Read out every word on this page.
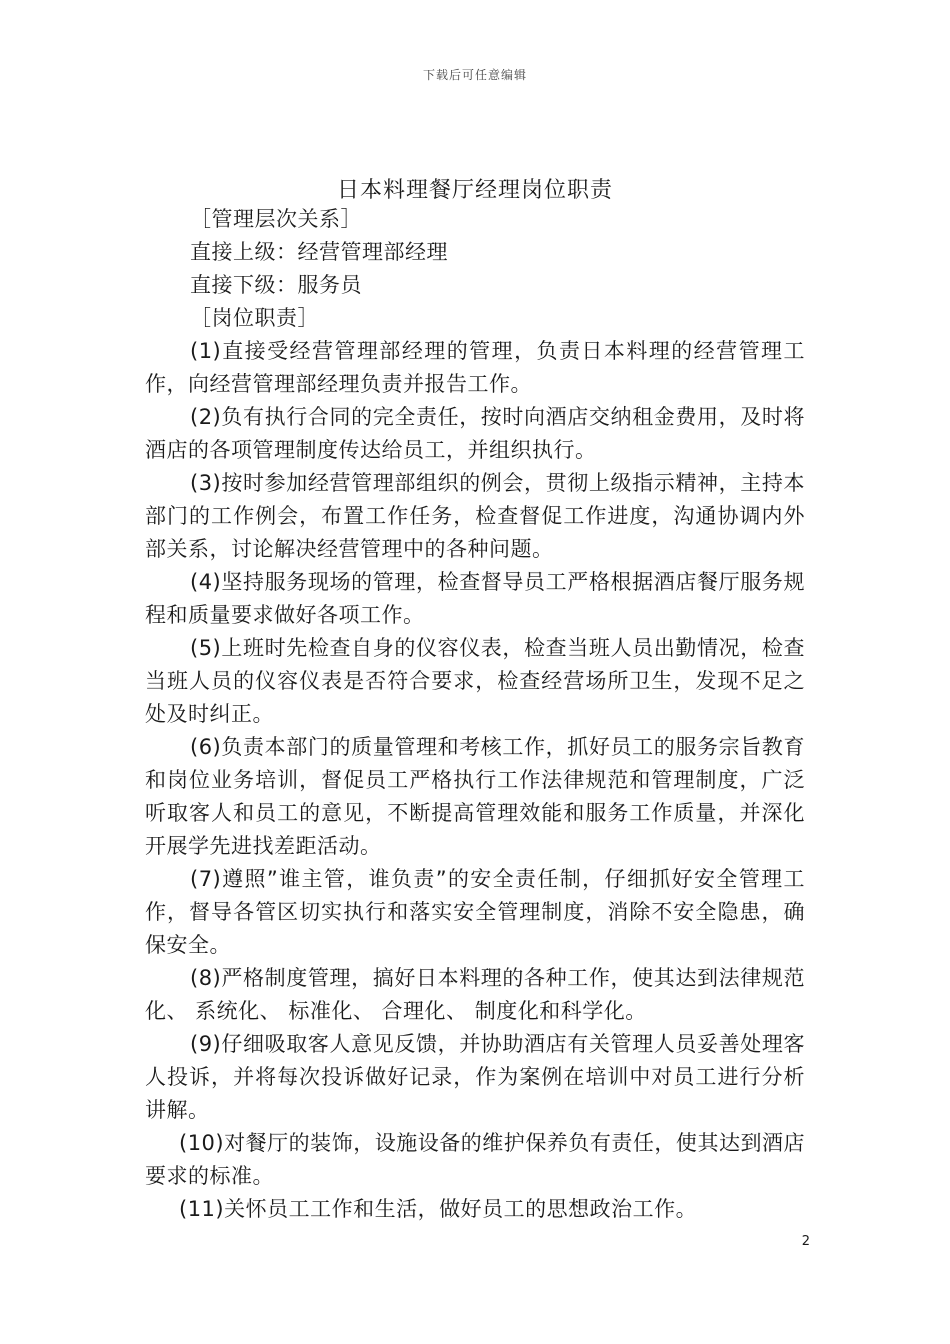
下载后可任意编辑
日本料理餐厅经理岗位职责

［管理层次关系］

直接上级：经营管理部经理

直接下级：服务员

［岗位职责］

(1)直接受经营管理部经理的管理，负责日本料理的经营管理工作，向经营管理部经理负责并报告工作。

(2)负有执行合同的完全责任，按时向酒店交纳租金费用，及时将酒店的各项管理制度传达给员工，并组织执行。

(3)按时参加经营管理部组织的例会，贯彻上级指示精神，主持本部门的工作例会，布置工作任务，检查督促工作进度，沟通协调内外部关系，讨论解决经营管理中的各种问题。

(4)坚持服务现场的管理，检查督导员工严格根据酒店餐厅服务规程和质量要求做好各项工作。

(5)上班时先检查自身的仪容仪表，检查当班人员出勤情况，检查当班人员的仪容仪表是否符合要求，检查经营场所卫生，发现不足之处及时纠正。

(6)负责本部门的质量管理和考核工作，抓好员工的服务宗旨教育和岗位业务培训，督促员工严格执行工作法律规范和管理制度，广泛听取客人和员工的意见，不断提高管理效能和服务工作质量，并深化开展学先进找差距活动。

(7)遵照”谁主管，谁负责”的安全责任制，仔细抓好安全管理工作，督导各管区切实执行和落实安全管理制度，消除不安全隐患，确保安全。

(8)严格制度管理，搞好日本料理的各种工作，使其达到法律规范化、 系统化、 标准化、 合理化、 制度化和科学化。

(9)仔细吸取客人意见反馈，并协助酒店有关管理人员妥善处理客人投诉，并将每次投诉做好记录，作为案例在培训中对员工进行分析讲解。

(10)对餐厅的装饰，设施设备的维护保养负有责任，使其达到酒店要求的标准。

(11)关怀员工工作和生活，做好员工的思想政治工作。

2
